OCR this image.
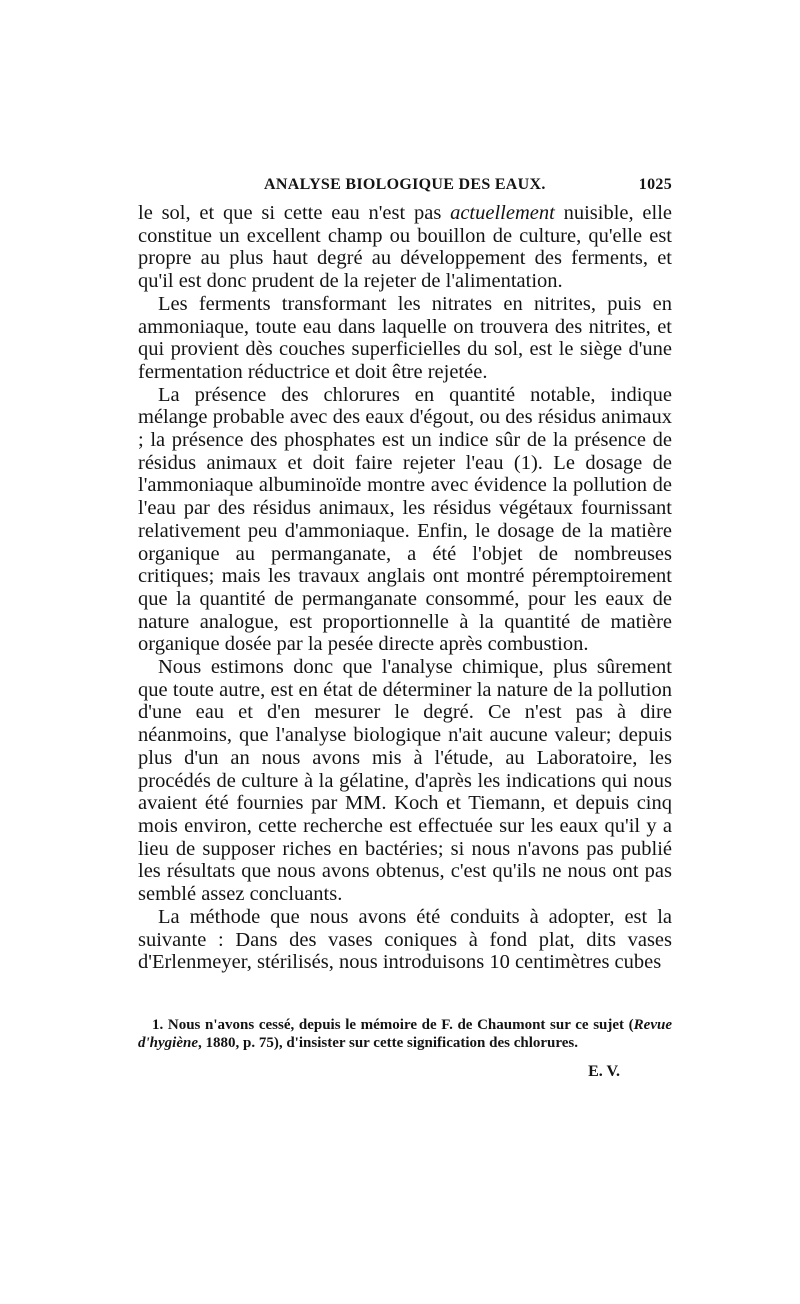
ANALYSE BIOLOGIQUE DES EAUX.	1025

le sol, et que si cette eau n'est pas actuellement nuisible, elle constitue un excellent champ ou bouillon de culture, qu'elle est propre au plus haut degré au développement des ferments, et qu'il est donc prudent de la rejeter de l'alimentation.

Les ferments transformant les nitrates en nitrites, puis en ammoniaque, toute eau dans laquelle on trouvera des nitrites, et qui provient dès couches superficielles du sol, est le siège d'une fermentation réductrice et doit être rejetée.

La présence des chlorures en quantité notable, indique mélange probable avec des eaux d'égout, ou des résidus animaux ; la présence des phosphates est un indice sûr de la présence de résidus animaux et doit faire rejeter l'eau (1). Le dosage de l'ammoniaque albuminoïde montre avec évidence la pollution de l'eau par des résidus animaux, les résidus végétaux fournissant relativement peu d'ammoniaque. Enfin, le dosage de la matière organique au permanganate, a été l'objet de nombreuses critiques; mais les travaux anglais ont montré péremptoirement que la quantité de permanganate consommé, pour les eaux de nature analogue, est proportionnelle à la quantité de matière organique dosée par la pesée directe après combustion.

Nous estimons donc que l'analyse chimique, plus sûrement que toute autre, est en état de déterminer la nature de la pollution d'une eau et d'en mesurer le degré. Ce n'est pas à dire néanmoins, que l'analyse biologique n'ait aucune valeur; depuis plus d'un an nous avons mis à l'étude, au Laboratoire, les procédés de culture à la gélatine, d'après les indications qui nous avaient été fournies par MM. Koch et Tiemann, et depuis cinq mois environ, cette recherche est effectuée sur les eaux qu'il y a lieu de supposer riches en bactéries; si nous n'avons pas publié les résultats que nous avons obtenus, c'est qu'ils ne nous ont pas semblé assez concluants.

La méthode que nous avons été conduits à adopter, est la suivante : Dans des vases coniques à fond plat, dits vases d'Erlenmeyer, stérilisés, nous introduisons 10 centimètres cubes

1. Nous n'avons cessé, depuis le mémoire de F. de Chaumont sur ce sujet (Revue d'hygiène, 1880, p. 75), d'insister sur cette signification des chlorures.

E. V.
